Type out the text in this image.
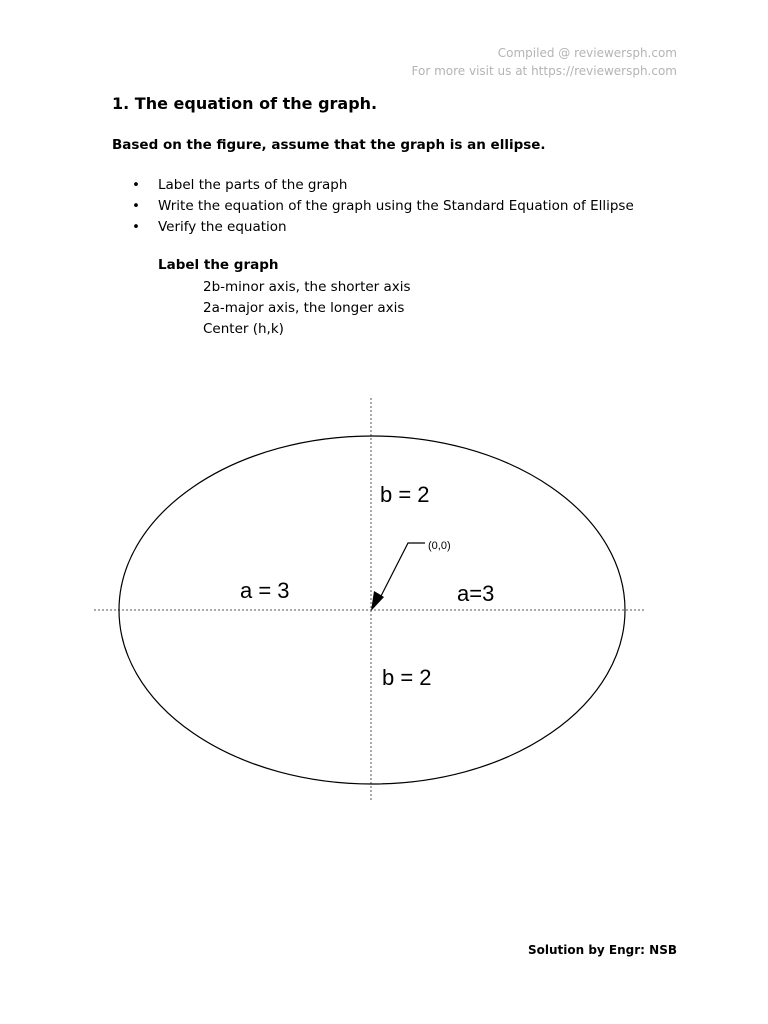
Compiled @ reviewersph.com
For more visit us at https://reviewersph.com
1. The equation of the graph.
Based on the figure, assume that the graph is an ellipse.
• Label the parts of the graph
• Write the equation of the graph using the Standard Equation of Ellipse
• Verify the equation
Label the graph
2b-minor axis, the shorter axis
2a-major axis, the longer axis
Center (h,k)
b = 2
b = 2
a = 3	a=3
(0,0)
Solution by Engr: NSB
